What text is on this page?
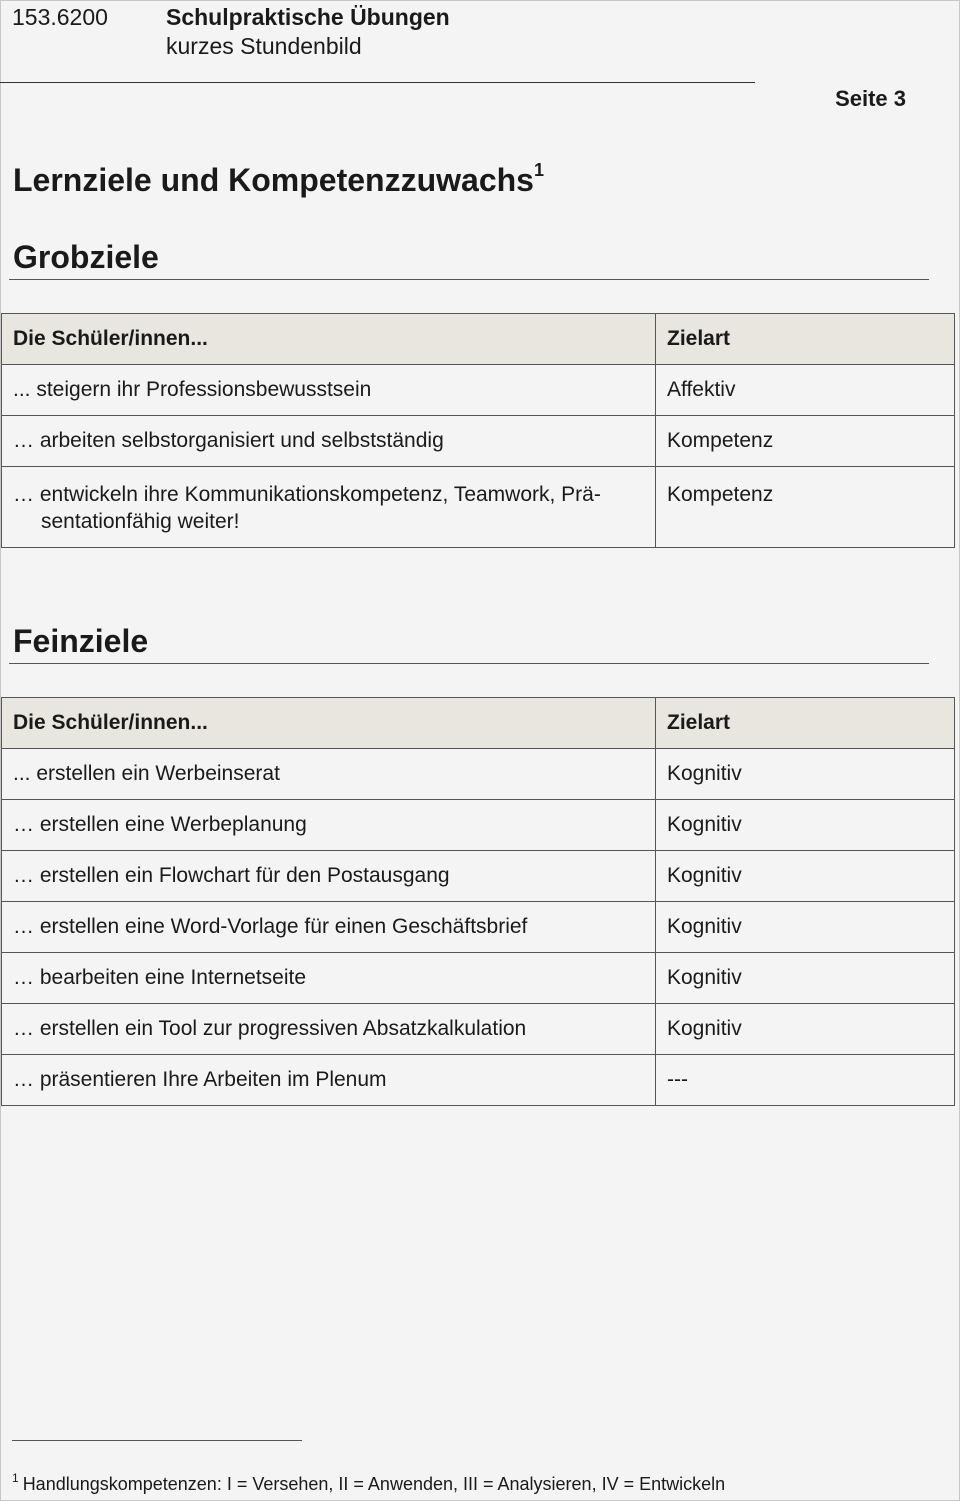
153.6200	Schulpraktische Übungen
kurzes Stundenbild
Seite 3
Lernziele und Kompetenzzuwachs$^1$
Grobziele
Die Schüler/innen...	Zielart
... steigern ihr Professionsbewusstsein	Affektiv
… arbeiten selbstorganisiert und selbstständig	Kompetenz

… entwickeln ihre Kommunikationskompetenz, Teamwork, Prä-sentationfähig weiter!	Kompetenz
Feinziele
Die Schüler/innen...	Zielart
... erstellen ein Werbeinserat	Kognitiv
… erstellen eine Werbeplanung	Kognitiv
… erstellen ein Flowchart für den Postausgang	Kognitiv
… erstellen eine Word-Vorlage für einen Geschäftsbrief	Kognitiv
… bearbeiten eine Internetseite	Kognitiv
… erstellen ein Tool zur progressiven Absatzkalkulation	Kognitiv
… präsentieren Ihre Arbeiten im Plenum	---
$^1$ Handlungskompetenzen: I = Versehen, II = Anwenden, III = Analysieren, IV = Entwickeln
